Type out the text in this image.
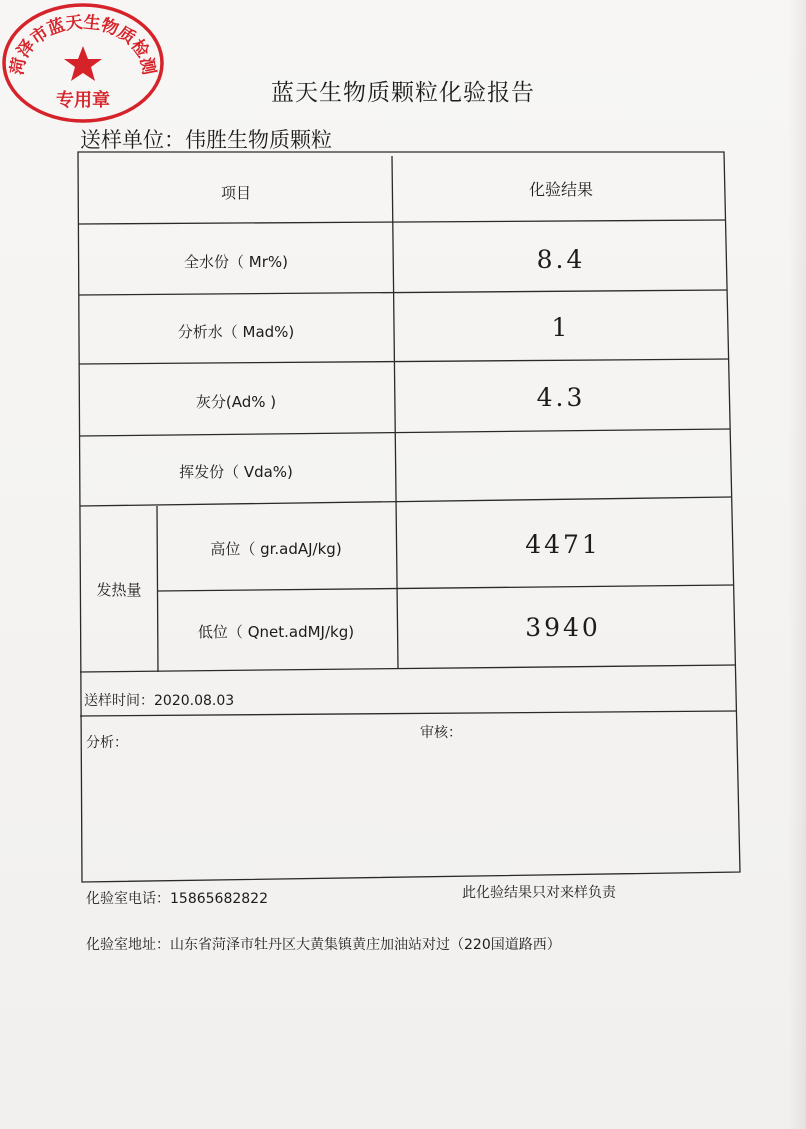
蓝天生物质颗粒化验报告
送样单位：伟胜生物质颗粒
项目	化验结果
全水份（ Mr%)	8.4
分析水（ Mad%)	1
灰分(Ad% )	4.3
挥发份（ Vda%)
发热量
高位（ gr.adAJ/kg)	4471
低位（ Qnet.adMJ/kg)	3940
送样时间：2020.08.03
分析：
审核：
菏泽市蓝天生物质检测
专用章
化验室电话：15865682822	此化验结果只对来样负责
化验室地址：山东省菏泽市牡丹区大黄集镇黄庄加油站对过（220国道路西）
